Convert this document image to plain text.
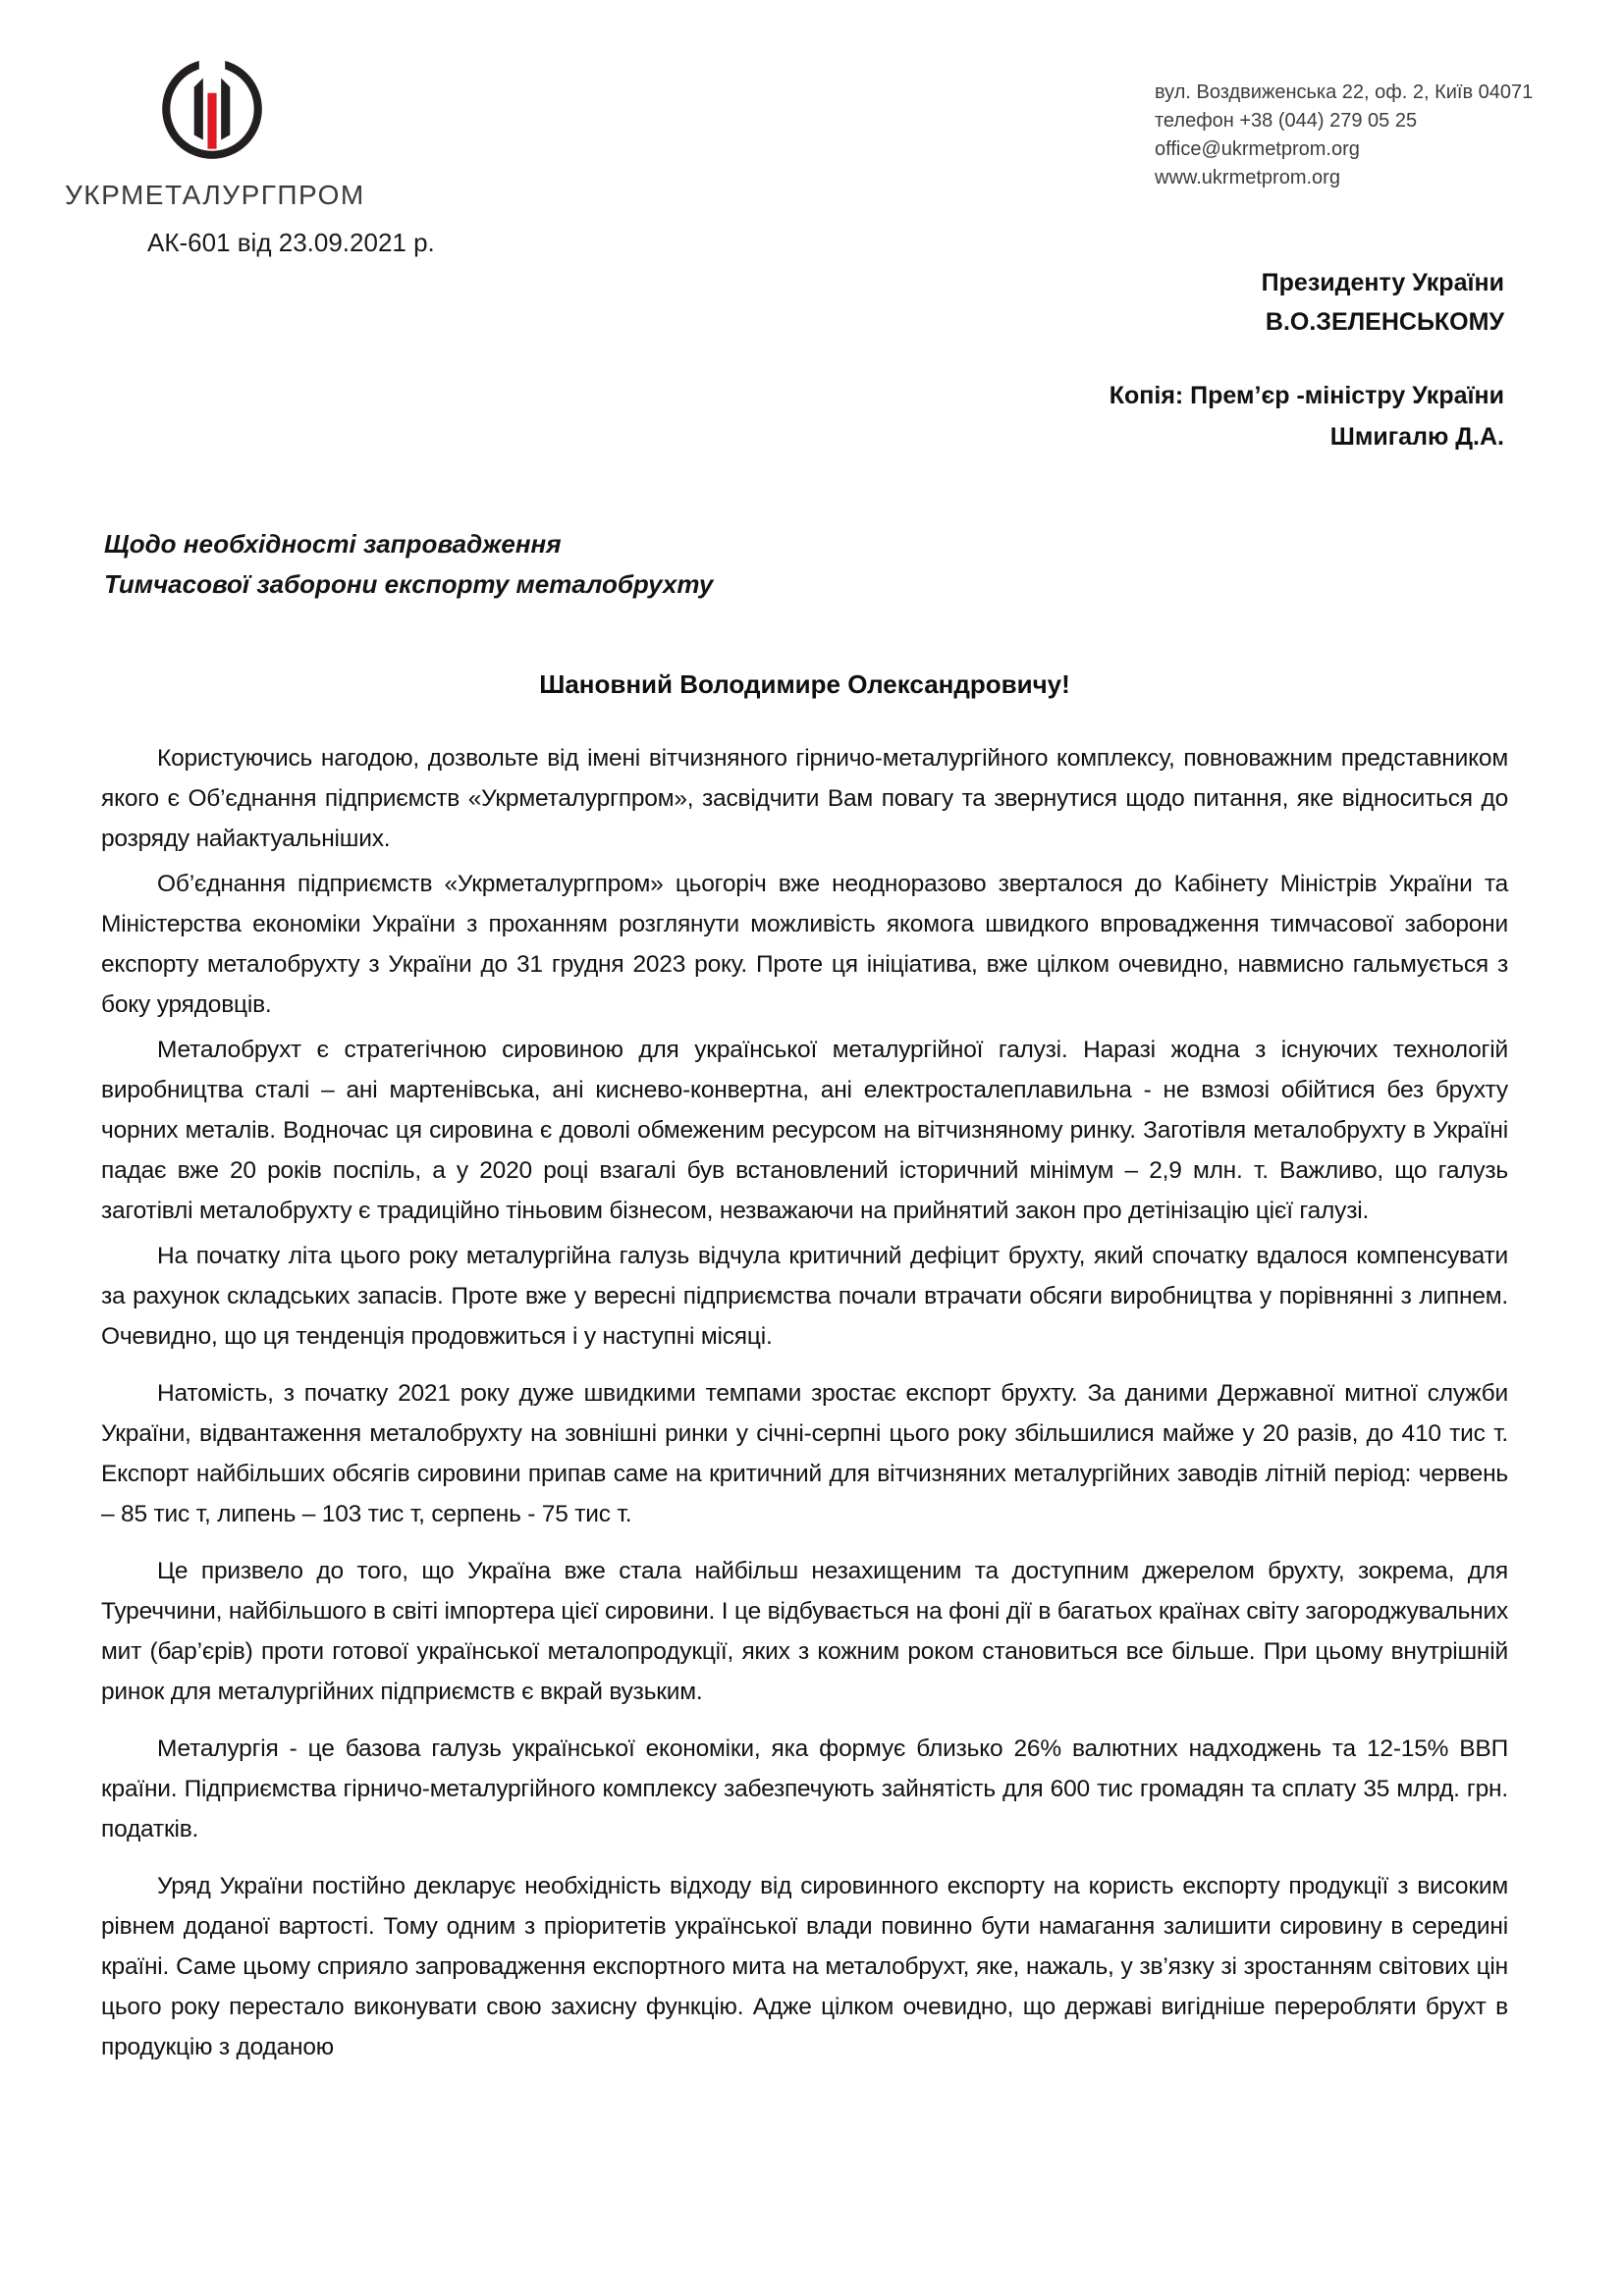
УКРМЕТАЛУРГПРОМ
вул. Воздвиженська 22, оф. 2, Київ 04071
телефон +38 (044) 279 05 25
office@ukrmetprom.org
www.ukrmetprom.org
АК-601 від 23.09.2021 р.
Президенту України
В.О.ЗЕЛЕНСЬКОМУ
Копія: Прем’єр -міністру України
Шмигалю Д.А.
Щодо необхідності запровадження
Тимчасової заборони експорту металобрухту
Шановний Володимире Олександровичу!

Користуючись нагодою, дозвольте від імені вітчизняного гірничо-металургійного комплексу, повноважним представником якого є Об’єднання підприємств «Укрметалургпром», засвідчити Вам повагу та звернутися щодо питання, яке відноситься до розряду найактуальніших.

Об’єднання підприємств «Укрметалургпром» цьогоріч вже неодноразово зверталося до Кабінету Міністрів України та Міністерства економіки України з проханням розглянути можливість якомога швидкого впровадження тимчасової заборони експорту металобрухту з України до 31 грудня 2023 року. Проте ця ініціатива, вже цілком очевидно, навмисно гальмується з боку урядовців.

Металобрухт є стратегічною сировиною для української металургійної галузі. Наразі жодна з існуючих технологій виробництва сталі – ані мартенівська, ані киснево-конвертна, ані електросталеплавильна - не взмозі обійтися без брухту чорних металів. Водночас ця сировина є доволі обмеженим ресурсом на вітчизняному ринку. Заготівля металобрухту в Україні падає вже 20 років поспіль, а у 2020 році взагалі був встановлений історичний мінімум – 2,9 млн. т. Важливо, що галузь заготівлі металобрухту є традиційно тіньовим бізнесом, незважаючи на прийнятий закон про детінізацію цієї галузі.

На початку літа цього року металургійна галузь відчула критичний дефіцит брухту, який спочатку вдалося компенсувати за рахунок складських запасів. Проте вже у вересні підприємства почали втрачати обсяги виробництва у порівнянні з липнем. Очевидно, що ця тенденція продовжиться і у наступні місяці.

Натомість, з початку 2021 року дуже швидкими темпами зростає експорт брухту. За даними Державної митної служби України, відвантаження металобрухту на зовнішні ринки у січні-серпні цього року збільшилися майже у 20 разів, до 410 тис т. Експорт найбільших обсягів сировини припав саме на критичний для вітчизняних металургійних заводів літній період: червень – 85 тис т, липень – 103 тис т, серпень - 75 тис т.

Це призвело до того, що Україна вже стала найбільш незахищеним та доступним джерелом брухту, зокрема, для Туреччини, найбільшого в світі імпортера цієї сировини. І це відбувається на фоні дії в багатьох країнах світу загороджувальних мит (бар’єрів) проти готової української металопродукції, яких з кожним роком становиться все більше. При цьому внутрішній ринок для металургійних підприємств є вкрай вузьким.

Металургія - це базова галузь української економіки, яка формує близько 26% валютних надходжень та 12-15% ВВП країни. Підприємства гірничо-металургійного комплексу забезпечують зайнятість для 600 тис громадян та сплату 35 млрд. грн. податків.

Уряд України постійно декларує необхідність відходу від сировинного експорту на користь експорту продукції з високим рівнем доданої вартості. Тому одним з пріоритетів української влади повинно бути намагання залишити сировину в середині країні. Саме цьому сприяло запровадження експортного мита на металобрухт, яке, нажаль, у зв’язку зі зростанням світових цін цього року перестало виконувати свою захисну функцію. Адже цілком очевидно, що державі вигідніше переробляти брухт в продукцію з доданою
